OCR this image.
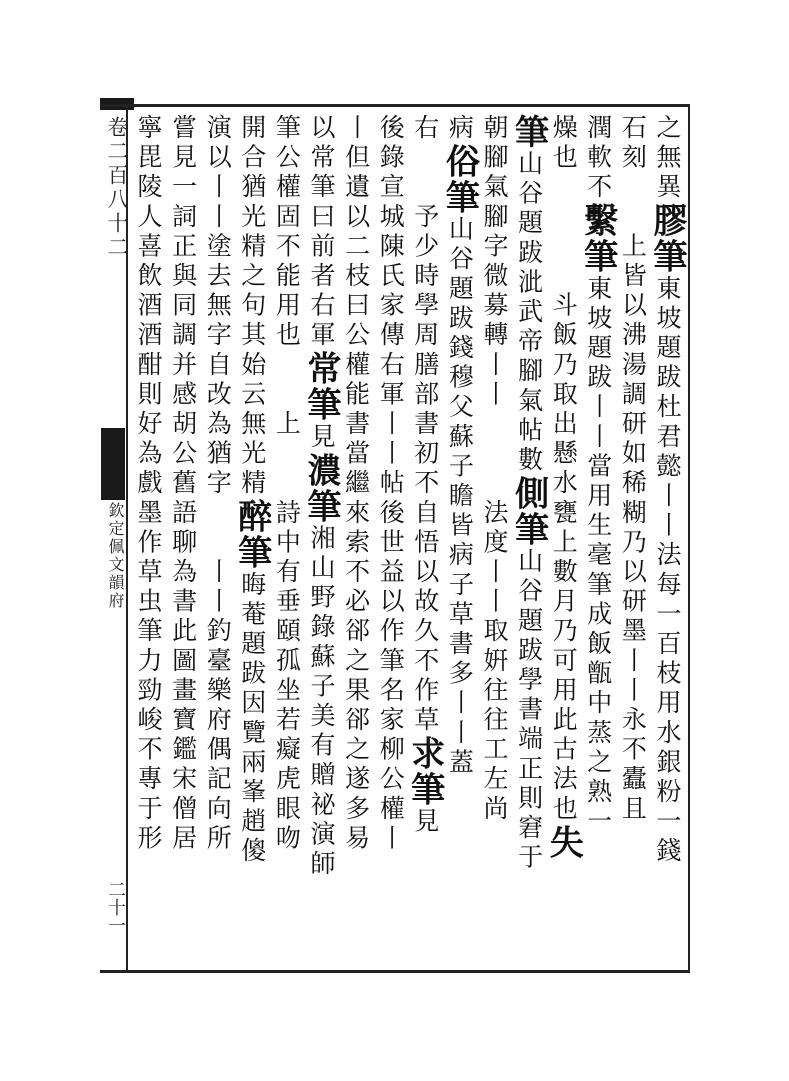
卷二百八十二
欽定佩文韻府
二十一
之無異膠筆東坡題跋杜君懿丨丨法每一百枝用水銀粉一錢
石刻　　上皆以沸湯調研如稀糊乃以研墨丨丨永不蠹且
潤軟不繫筆東坡題跋丨丨當用生毫筆成飯甑中蒸之熟一
燥也　　　　斗飯乃取出懸水甕上數月乃可用此古法也失
筆山谷題跋泚武帝腳氣帖數側筆山谷題跋學書端正則窘于
朝腳氣腳字微募轉丨丨　　　法度丨丨取姸往往工左尚
病俗筆山谷題跋錢穆父蘇子瞻皆病子草書多丨丨蓋
右　　予少時學周膳部書初不自悟以故久不作草求筆見
後錄宣城陳氏家傳右軍丨丨帖後世益以作筆名家柳公權丨
丨但遺以二枝曰公權能書當繼來索不必郤之果郤之遂多易
以常筆曰前者右軍常筆見濃筆湘山野錄蘇子美有贈祕演師
筆公權固不能用也　　上　　詩中有垂頤孤坐若癡虎眼吻
開合猶光精之句其始云無光精醉筆晦菴題跋因覽兩峯趙傻
演以丨丨塗去無字自改為猶字　　丨丨釣臺樂府偶記向所
嘗見一詞正與同調并感胡公舊語聊為書此圖畫寶鑑宋僧居
寧毘陵人喜飲酒酒酣則好為戲墨作草虫筆力勁峻不專于形
